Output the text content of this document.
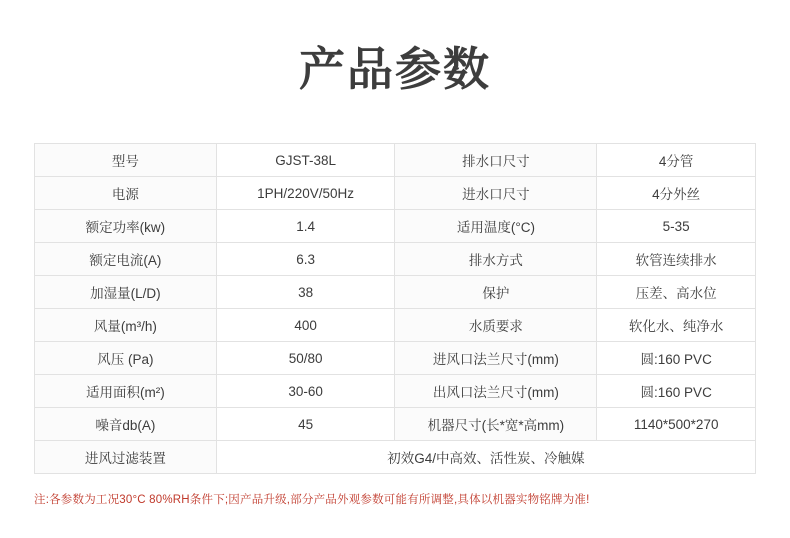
产品参数
型号	GJST-38L	排水口尺寸	4分管
电源	1PH/220V/50Hz	进水口尺寸	4分外丝
额定功率(kw)	1.4	适用温度(°C)	5-35
额定电流(A)	6.3	排水方式	软管连续排水
加湿量(L/D)	38	保护	压差、高水位
风量(m³/h)	400	水质要求	软化水、纯净水
风压 (Pa)	50/80	进风口法兰尺寸(mm)	圆:160 PVC
适用面积(m²)	30-60	出风口法兰尺寸(mm)	圆:160 PVC
噪音db(A)	45	机器尺寸(长*宽*高mm)	1140*500*270
进风过滤装置	初效G4/中高效、活性炭、冷触媒		
注:各参数为工况30°C 80%RH条件下;因产品升级,部分产品外观参数可能有所调整,具体以机器实物铭牌为准!
